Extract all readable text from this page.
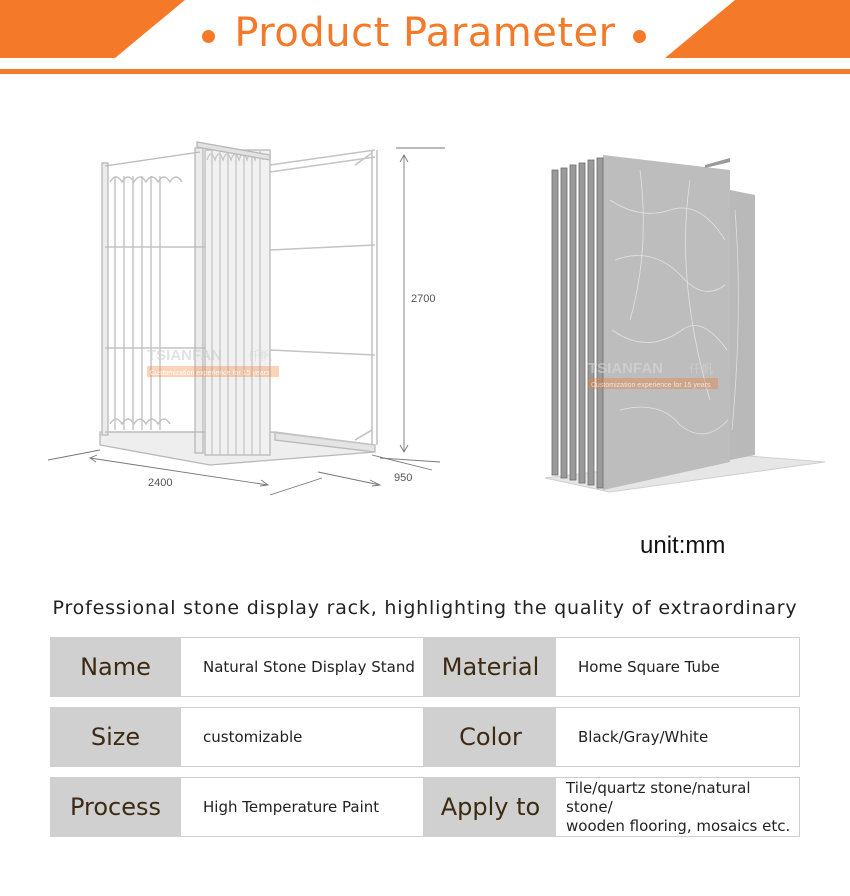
Product Parameter
2700
2400	950
TSIANFAN 仟帆
Customization experience for 15 years	TSIANFAN 仟帆
Customization experience for 15 years
unit:mm
Professional stone display rack, highlighting the quality of extraordinary
Name	Natural Stone Display Stand	Material	Home Square Tube
Size	customizable	Color	Black/Gray/White
Process	High Temperature Paint	Apply to
Tile/quartz stone/natural stone/
wooden flooring, mosaics etc.
